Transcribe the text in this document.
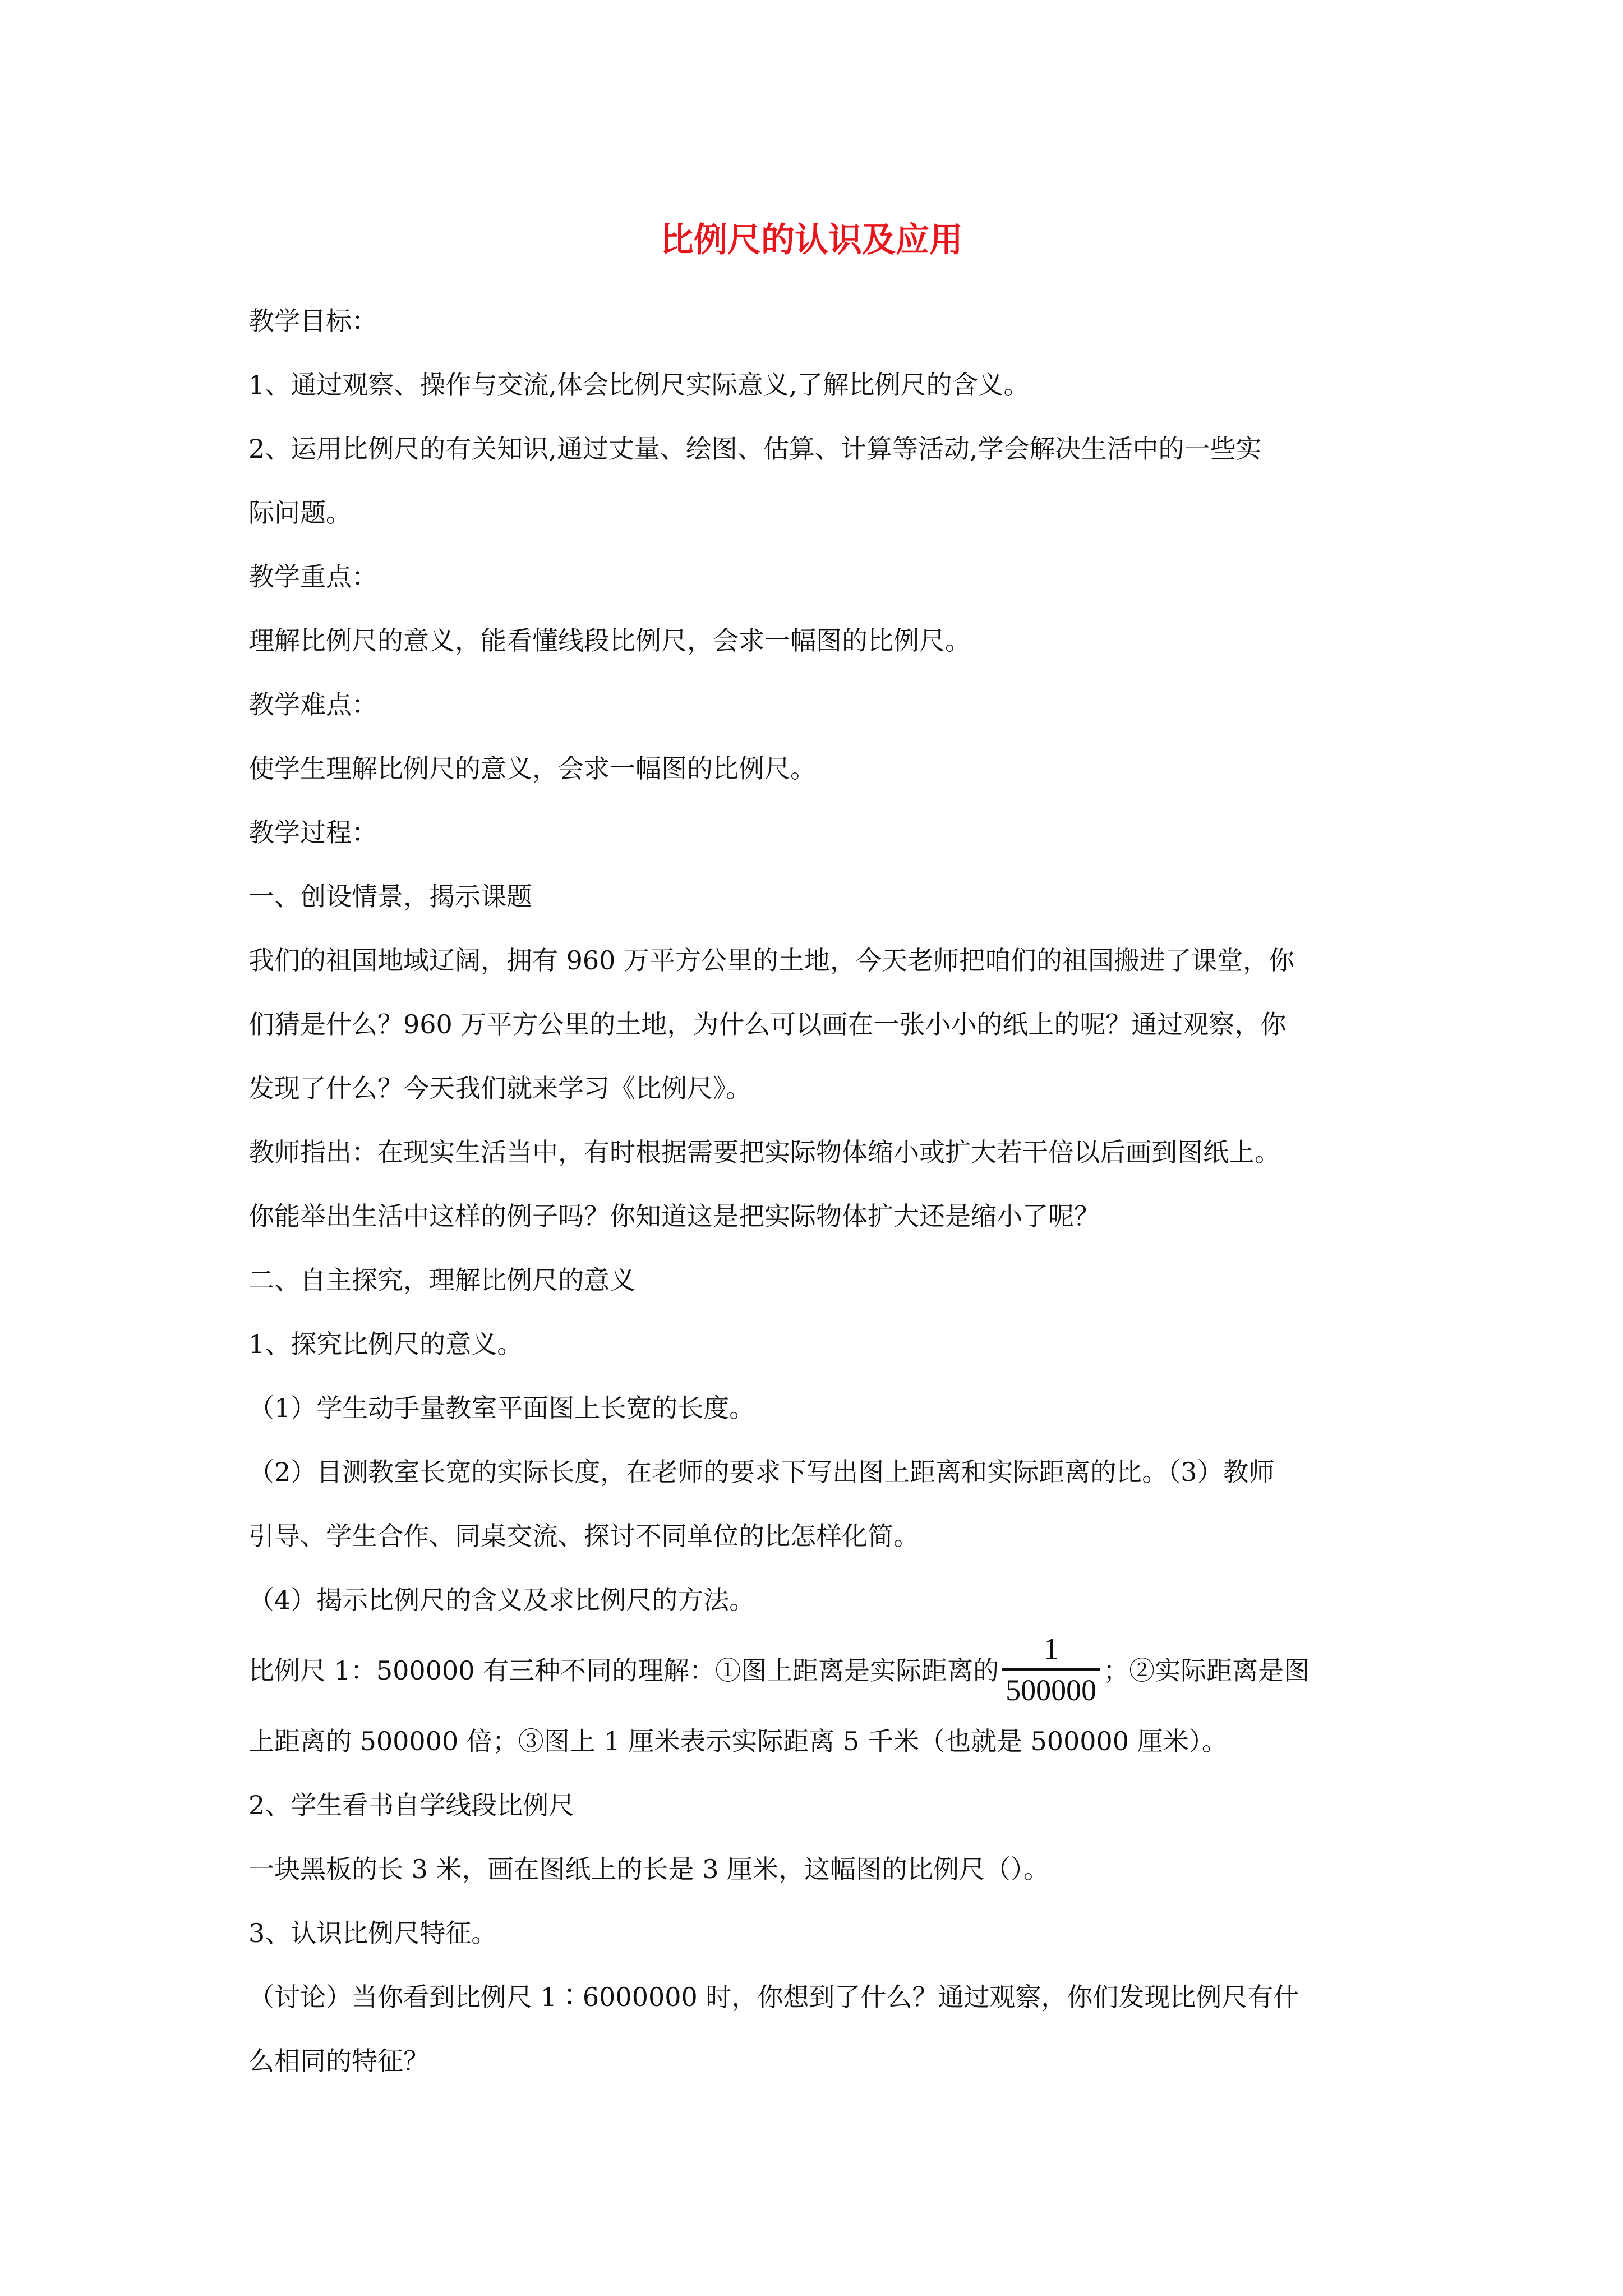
比例尺的认识及应用

教学目标：

1、通过观察、操作与交流,体会比例尺实际意义,了解比例尺的含义。

2、运用比例尺的有关知识,通过丈量、绘图、估算、计算等活动,学会解决生活中的一些实

际问题。

教学重点：

理解比例尺的意义，能看懂线段比例尺，会求一幅图的比例尺。

教学难点：

使学生理解比例尺的意义，会求一幅图的比例尺。

教学过程：

一、创设情景，揭示课题

我们的祖国地域辽阔，拥有 960 万平方公里的土地，今天老师把咱们的祖国搬进了课堂，你

们猜是什么？960 万平方公里的土地，为什么可以画在一张小小的纸上的呢？通过观察，你

发现了什么？今天我们就来学习《比例尺》。

教师指出：在现实生活当中，有时根据需要把实际物体缩小或扩大若干倍以后画到图纸上。

你能举出生活中这样的例子吗？你知道这是把实际物体扩大还是缩小了呢？

二、自主探究，理解比例尺的意义

1、探究比例尺的意义。

（1）学生动手量教室平面图上长宽的长度。

（2）目测教室长宽的实际长度，在老师的要求下写出图上距离和实际距离的比。（3）教师

引导、学生合作、同桌交流、探讨不同单位的比怎样化简。

（4）揭示比例尺的含义及求比例尺的方法。

比例尺 1：500000 有三种不同的理解：①图上距离是实际距离的 $\frac{1}{500000}$ ；②实际距离是图

上距离的 500000 倍；③图上 1 厘米表示实际距离 5 千米（也就是 500000 厘米）。

2、学生看书自学线段比例尺

一块黑板的长 3 米，画在图纸上的长是 3 厘米，这幅图的比例尺（）。

3、认识比例尺特征。

（讨论）当你看到比例尺 1∶6000000 时，你想到了什么？通过观察，你们发现比例尺有什

么相同的特征？
